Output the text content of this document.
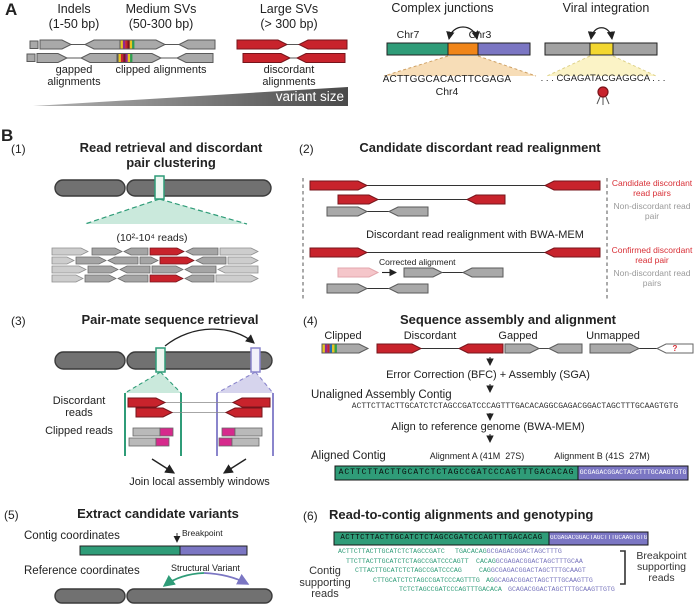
A	Indels
(1-50 bp)
Medium SVs
(50-300 bp)
Large SVs
(> 300 bp)
gapped alignments
clipped alignments	discordant alignments
variant size
Complex junctions
Chr7	Chr3
ACTTGGCACACTTCGAGA
Chr4
Viral integration
. . . CGAGATACGAGGCA . . .
B
(1)	Read retrieval and discordant pair clustering
(10²-10⁴ reads)
(2)	Candidate discordant read realignment
Candidate discordant read pairs
Non-discordant read pair
Discordant read realignment with BWA-MEM
Corrected alignment
Confirmed discordant read pair
Non-discordant read pairs
(3)	Pair-mate sequence retrieval
Discordant reads
Clipped reads
Join local assembly windows
(4)	Sequence assembly and alignment
Clipped	Discordant	Gapped	Unmapped
?
Error Correction (BFC) + Assembly (SGA)
Unaligned Assembly Contig
ACTTCTTACTTGCATCTCTAGCCGATCCCAGTTTGACACAGGCGAGACGGACTAGCTTTGCAAGTGTG
Align to reference genome (BWA-MEM)
Aligned Contig	Alignment A (41M  27S)	Alignment B (41S  27M)
ACTTCTTACTTGCATCTCTAGCCGATCCCAGTTTGACACAG GCGAGACGGACTAGCTTTGCAAGTGTG
(5)	Extract candidate variants
Contig coordinates	Breakpoint
Reference coordinates	Structural Variant
(6) Read-to-contig alignments and genotyping
ACTTCTTACTTGCATCTCTAGCCGATCCCAGTTTGACACAG	GCGAGACGGACTAGCTTTGCAAGTGTG
ACTTCTTACTTGCATCTCTAGCCGATC
TTCTTACTTGCATCTCTAGCCGATCCCAGTT
CTTACTTGCATCTCTAGCCGATCCCAG
CTTGCATCTCTAGCCGATCCCAGTTTG
TCTCTAGCCGATCCCAGTTTGACACA
TGACACAGGCGAGACGGACTAGCTTTG
CACAGGCGAGACGGACTAGCTTTGCAA
CAGGCGAGACGGACTAGCTTTGCAAGT
AGGCAGACGGACTAGCTTTGCAAGTTG
GCAGACGGACTAGCTTTGCAAGTTGTG
Contig supporting reads
Breakpoint supporting reads
